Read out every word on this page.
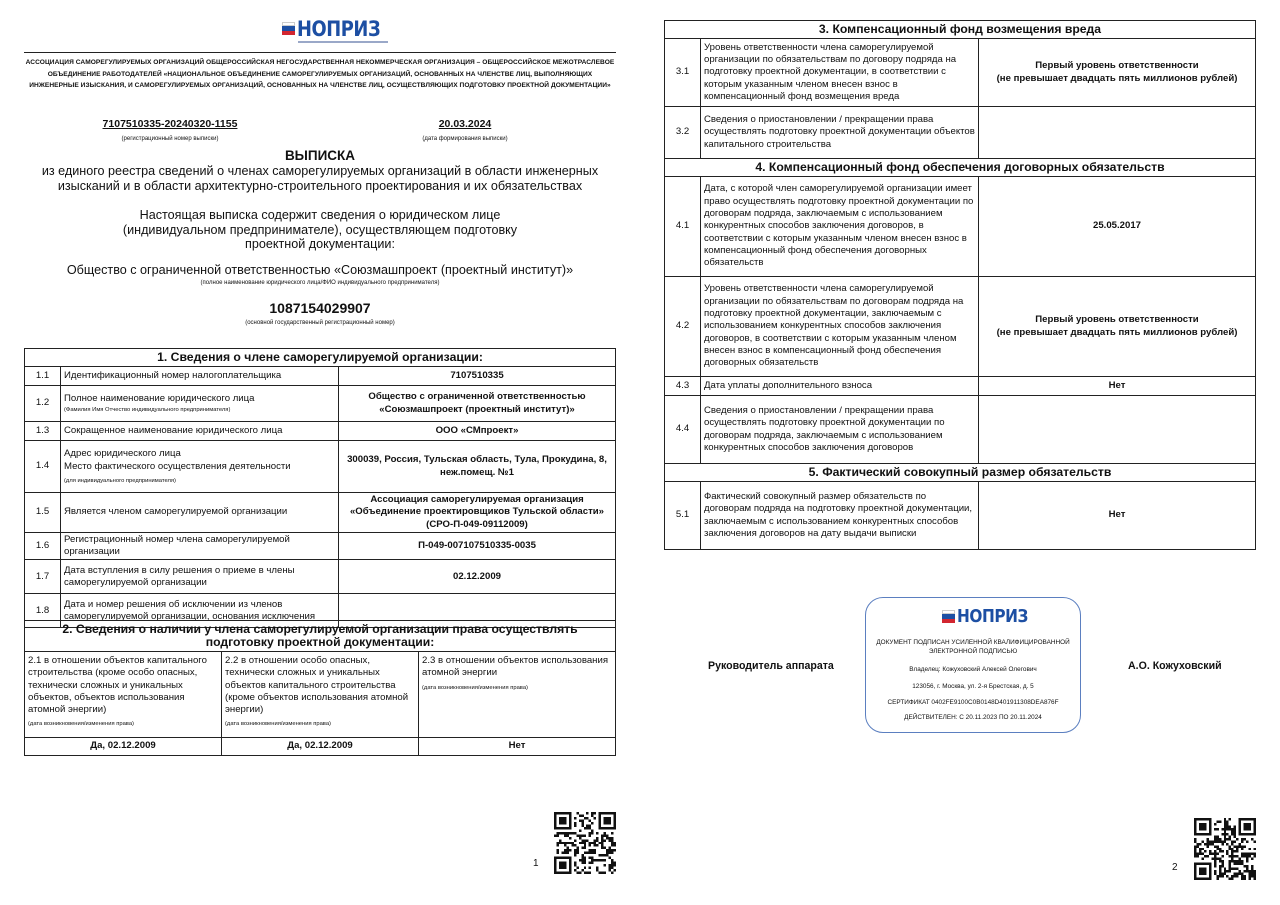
НОПРИЗ
АССОЦИАЦИЯ САМОРЕГУЛИРУЕМЫХ ОРГАНИЗАЦИЙ ОБЩЕРОССИЙСКАЯ НЕГОСУДАРСТВЕННАЯ НЕКОММЕРЧЕСКАЯ ОРГАНИЗАЦИЯ – ОБЩЕРОССИЙСКОЕ МЕЖОТРАСЛЕВОЕ ОБЪЕДИНЕНИЕ РАБОТОДАТЕЛЕЙ «НАЦИОНАЛЬНОЕ ОБЪЕДИНЕНИЕ САМОРЕГУЛИРУЕМЫХ ОРГАНИЗАЦИЙ, ОСНОВАННЫХ НА ЧЛЕНСТВЕ ЛИЦ, ВЫПОЛНЯЮЩИХ ИНЖЕНЕРНЫЕ ИЗЫСКАНИЯ, И САМОРЕГУЛИРУЕМЫХ ОРГАНИЗАЦИЙ, ОСНОВАННЫХ НА ЧЛЕНСТВЕ ЛИЦ, ОСУЩЕСТВЛЯЮЩИХ ПОДГОТОВКУ ПРОЕКТНОЙ ДОКУМЕНТАЦИИ»
7107510335-20240320-1155
(регистрационный номер выписки)
20.03.2024
(дата формирования выписки)
ВЫПИСКА
из единого реестра сведений о членах саморегулируемых организаций в области инженерных
изысканий и в области архитектурно-строительного проектирования и их обязательствах
Настоящая выписка содержит сведения о юридическом лице
(индивидуальном предпринимателе), осуществляющем подготовку
проектной документации:
Общество с ограниченной ответственностью «Союзмашпроект (проектный институт)»
(полное наименование юридического лица/ФИО индивидуального предпринимателя)
1087154029907
(основной государственный регистрационный номер)
1. Сведения о члене саморегулируемой организации:		
1.1	Идентификационный номер налогоплательщика	7107510335
1.2	Полное наименование юридического лица
(Фамилия Имя Отчество индивидуального предпринимателя)	Общество с ограниченной ответственностью «Союзмашпроект (проектный институт)»
1.3	Сокращенное наименование юридического лица	ООО «СМпроект»
1.4	Адрес юридического лица
Место фактического осуществления деятельности
(для индивидуального предпринимателя)	300039, Россия, Тульская область, Тула, Прокудина, 8, неж.помещ. №1
1.5	Является членом саморегулируемой организации	Ассоциация саморегулируемая организация «Объединение проектировщиков Тульской области» (СРО-П-049-09112009)
1.6	Регистрационный номер члена саморегулируемой организации	П-049-007107510335-0035
1.7	Дата вступления в силу решения о приеме в члены саморегулируемой организации	02.12.2009
1.8	Дата и номер решения об исключении из членов саморегулируемой организации, основания исключения	
2. Сведения о наличии у члена саморегулируемой организации права осуществлять подготовку проектной документации:		
2.1 в отношении объектов капитального строительства (кроме особо опасных, технически сложных и уникальных объектов, объектов использования атомной энергии)
(дата возникновения/изменения права)	2.2 в отношении особо опасных, технически сложных и уникальных объектов капитального строительства (кроме объектов использования атомной энергии)
(дата возникновения/изменения права)	2.3 в отношении объектов использования атомной энергии
(дата возникновения/изменения права)

Да, 02.12.2009	Да, 02.12.2009	Нет
1
3. Компенсационный фонд возмещения вреда		
3.1	Уровень ответственности члена саморегулируемой организации по обязательствам по договору подряда на подготовку проектной документации, в соответствии с которым указанным членом внесен взнос в компенсационный фонд возмещения вреда	Первый уровень ответственности
(не превышает двадцать пять миллионов рублей)
3.2	Сведения о приостановлении / прекращении права осуществлять подготовку проектной документации объектов капитального строительства	
4. Компенсационный фонд обеспечения договорных обязательств		
4.1	Дата, с которой член саморегулируемой организации имеет право осуществлять подготовку проектной документации по договорам подряда, заключаемым с использованием конкурентных способов заключения договоров, в соответствии с которым указанным членом внесен взнос в компенсационный фонд обеспечения договорных обязательств	25.05.2017
4.2	Уровень ответственности члена саморегулируемой организации по обязательствам по договорам подряда на подготовку проектной документации, заключаемым с использованием конкурентных способов заключения договоров, в соответствии с которым указанным членом внесен взнос в компенсационный фонд обеспечения договорных обязательств	Первый уровень ответственности
(не превышает двадцать пять миллионов рублей)
4.3	Дата уплаты дополнительного взноса	Нет
4.4	Сведения о приостановлении / прекращении права осуществлять подготовку проектной документации по договорам подряда, заключаемым с использованием конкурентных способов заключения договоров	
5. Фактический совокупный размер обязательств		
5.1	Фактический совокупный размер обязательств по договорам подряда на подготовку проектной документации, заключаемым с использованием конкурентных способов заключения договоров на дату выдачи выписки	Нет
Руководитель аппарата	А.О. Кожуховский
НОПРИЗ
ДОКУМЕНТ ПОДПИСАН УСИЛЕННОЙ КВАЛИФИЦИРОВАННОЙ
ЭЛЕКТРОННОЙ ПОДПИСЬЮ
Владелец: Кожуховский Алексей Олегович
123056, г. Москва, ул. 2-я Брестская, д. 5
СЕРТИФИКАТ 0402FE9100C0B0148D401911308DEA876F
ДЕЙСТВИТЕЛЕН: С 20.11.2023 ПО 20.11.2024
2
